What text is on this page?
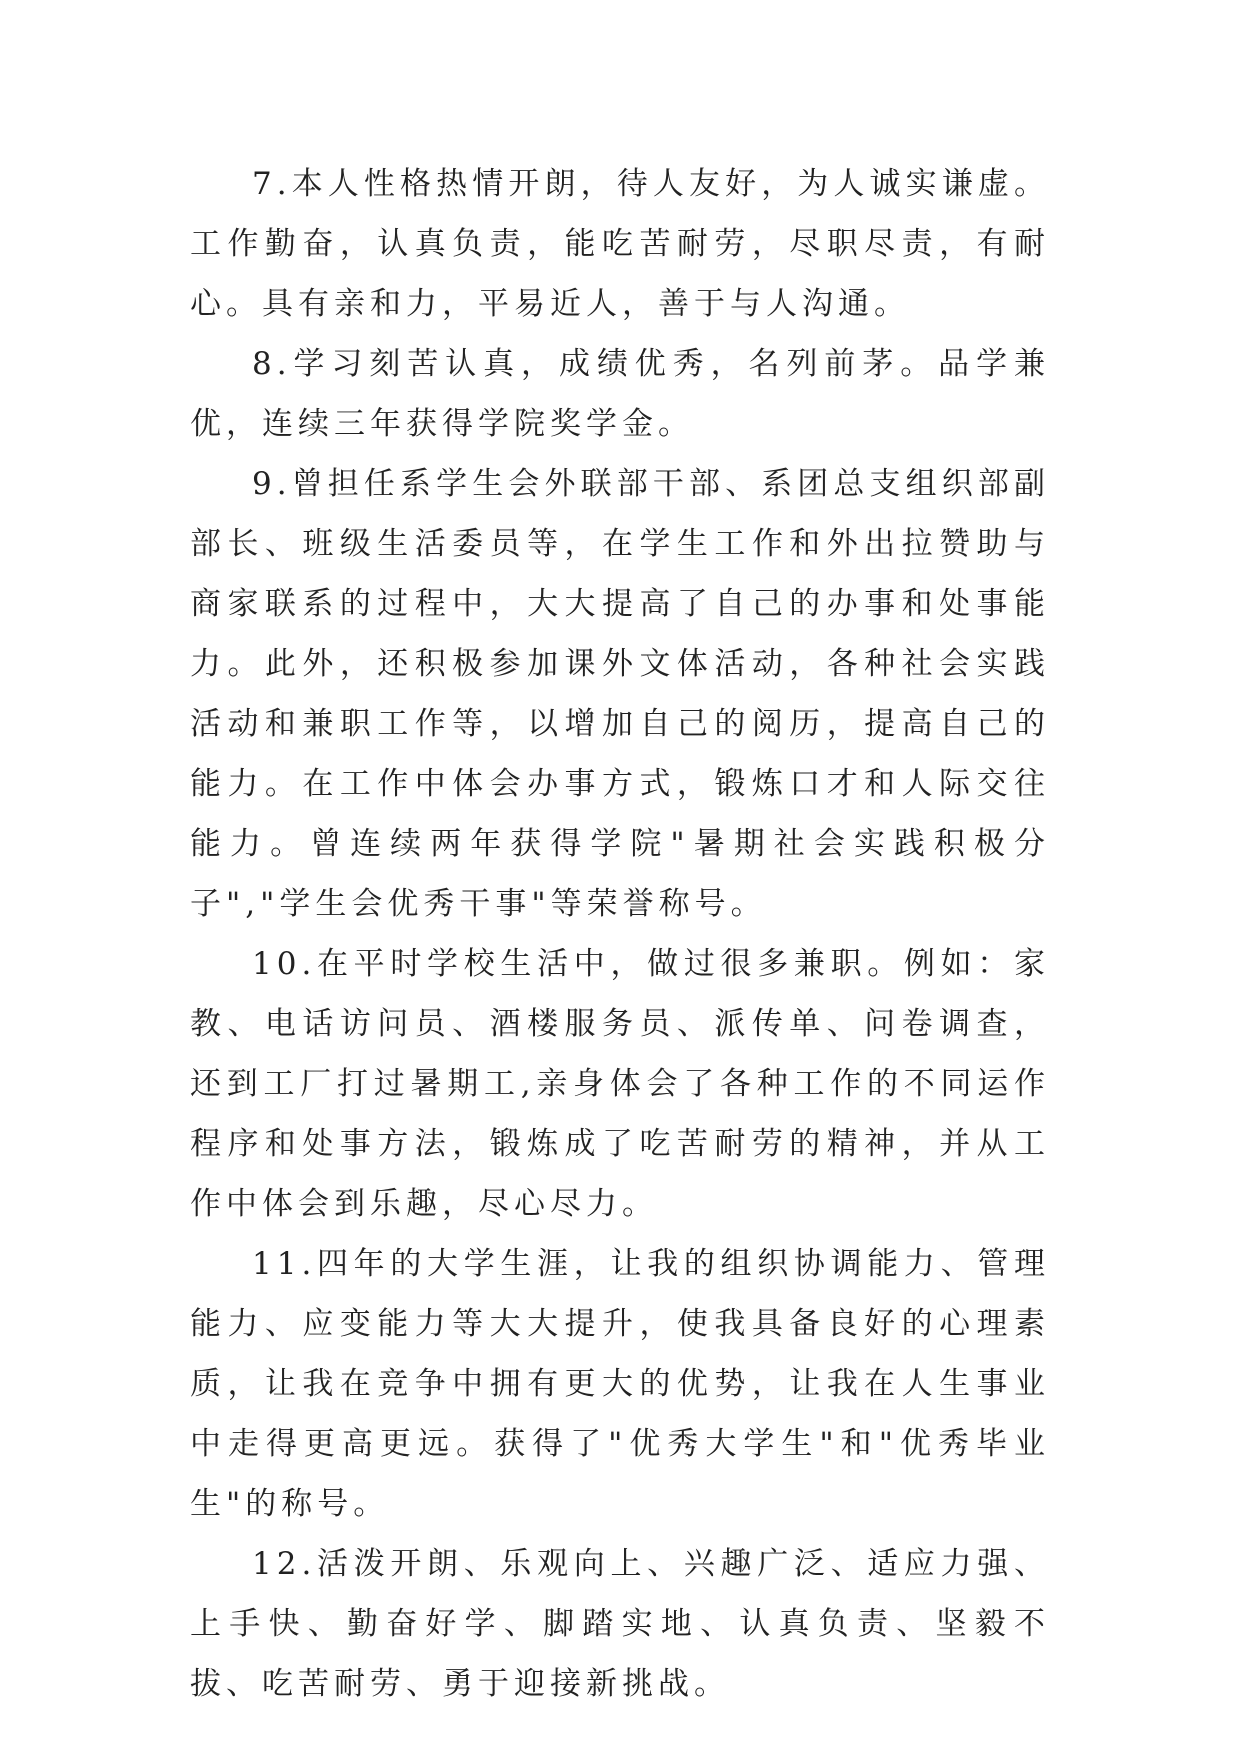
7.本人性格热情开朗，待人友好，为人诚实谦虚。工作勤奋，认真负责，能吃苦耐劳，尽职尽责，有耐心。具有亲和力，平易近人，善于与人沟通。

8.学习刻苦认真，成绩优秀，名列前茅。品学兼优，连续三年获得学院奖学金。

9.曾担任系学生会外联部干部、系团总支组织部副部长、班级生活委员等，在学生工作和外出拉赞助与商家联系的过程中，大大提高了自己的办事和处事能力。此外，还积极参加课外文体活动，各种社会实践活动和兼职工作等，以增加自己的阅历，提高自己的能力。在工作中体会办事方式，锻炼口才和人际交往能力。曾连续两年获得学院"暑期社会实践积极分子","学生会优秀干事"等荣誉称号。

10.在平时学校生活中，做过很多兼职。例如：家教、电话访问员、酒楼服务员、派传单、问卷调查，还到工厂打过暑期工,亲身体会了各种工作的不同运作程序和处事方法，锻炼成了吃苦耐劳的精神，并从工作中体会到乐趣，尽心尽力。

11.四年的大学生涯，让我的组织协调能力、管理能力、应变能力等大大提升，使我具备良好的心理素质，让我在竞争中拥有更大的优势，让我在人生事业中走得更高更远。获得了"优秀大学生"和"优秀毕业生"的称号。

12.活泼开朗、乐观向上、兴趣广泛、适应力强、上手快、勤奋好学、脚踏实地、认真负责、坚毅不拔、吃苦耐劳、勇于迎接新挑战。
